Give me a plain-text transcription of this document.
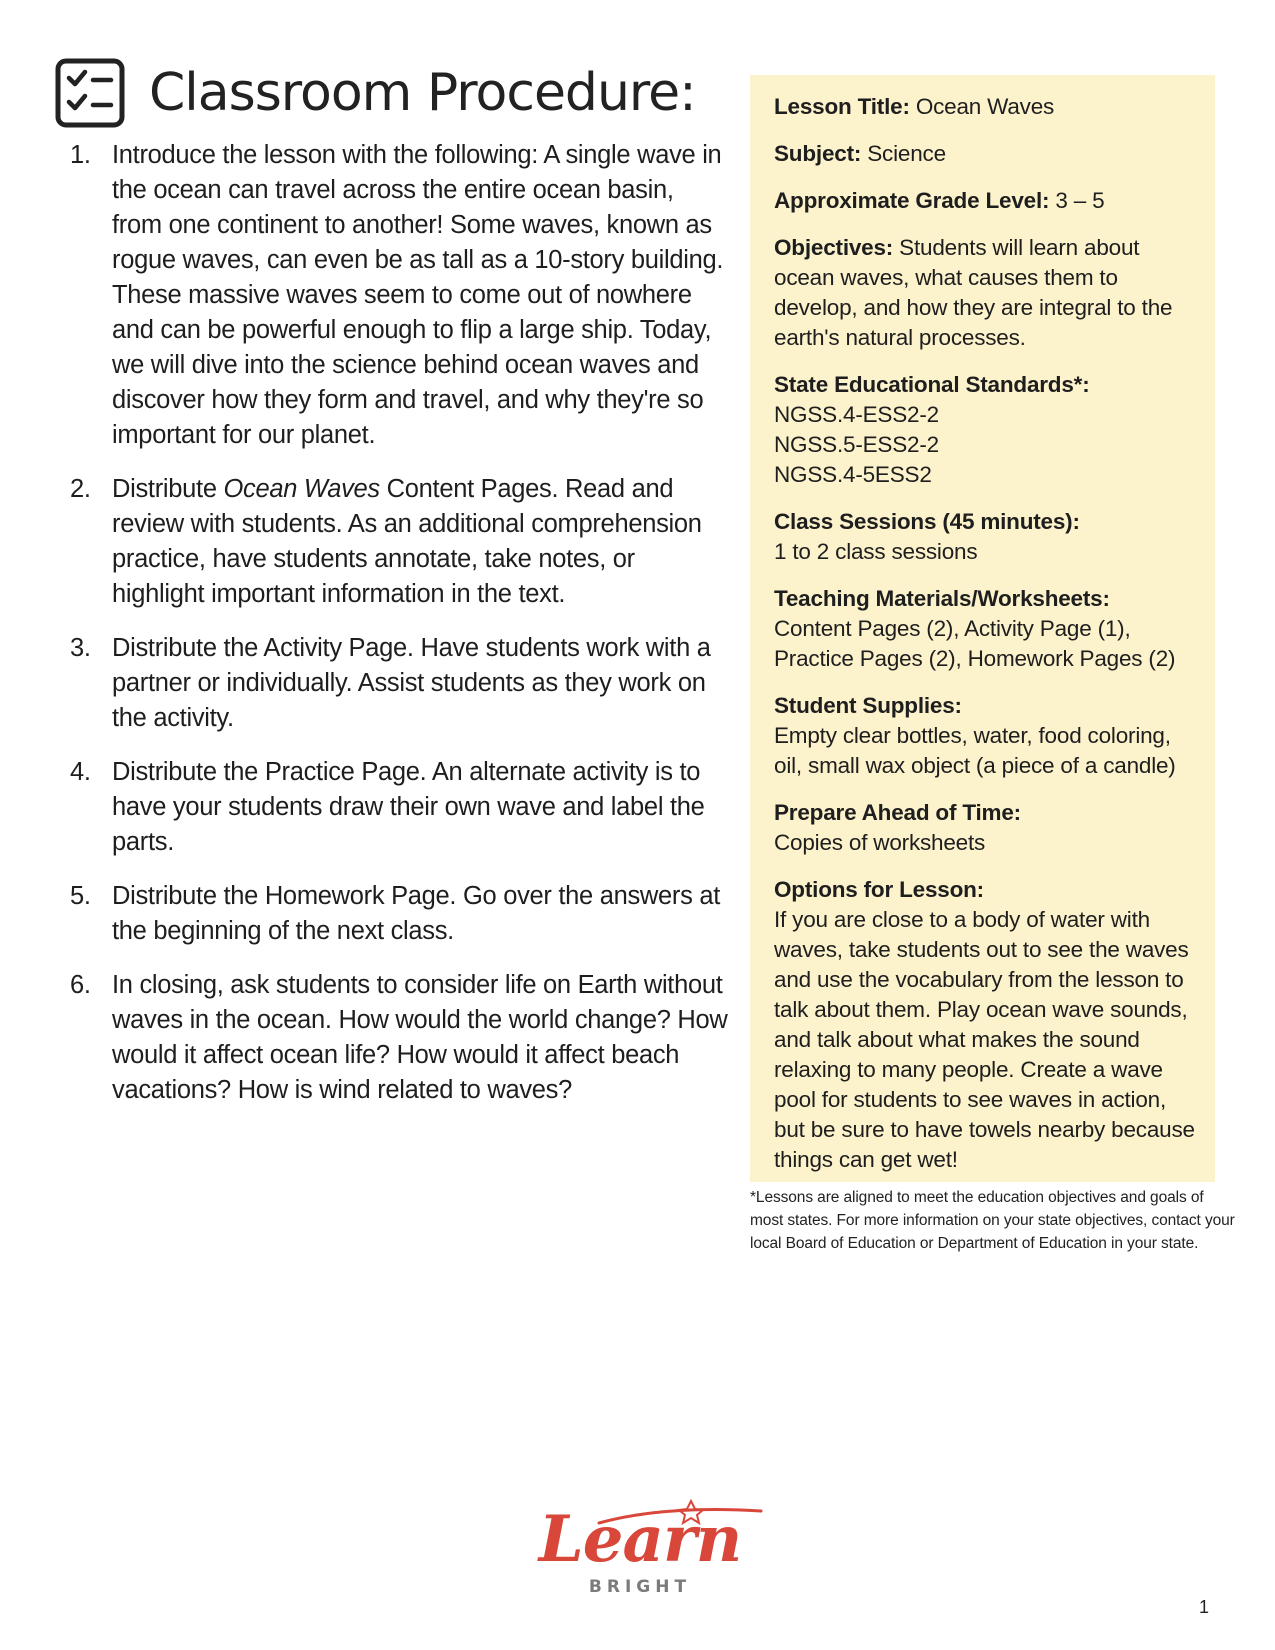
Classroom Procedure:
1. Introduce the lesson with the following: A single wave in the ocean can travel across the entire ocean basin, from one continent to another! Some waves, known as rogue waves, can even be as tall as a 10-story building. These massive waves seem to come out of nowhere and can be powerful enough to flip a large ship. Today, we will dive into the science behind ocean waves and discover how they form and travel, and why they're so important for our planet.
2. Distribute Ocean Waves Content Pages. Read and review with students. As an additional comprehension practice, have students annotate, take notes, or highlight important information in the text.
3. Distribute the Activity Page. Have students work with a partner or individually. Assist students as they work on the activity.
4. Distribute the Practice Page. An alternate activity is to have your students draw their own wave and label the parts.
5. Distribute the Homework Page. Go over the answers at the beginning of the next class.
6. In closing, ask students to consider life on Earth without waves in the ocean. How would the world change? How would it affect ocean life? How would it affect beach vacations? How is wind related to waves?
Lesson Title: Ocean Waves
Subject: Science
Approximate Grade Level: 3 – 5
Objectives: Students will learn about ocean waves, what causes them to develop, and how they are integral to the earth's natural processes.
State Educational Standards*:
NGSS.4-ESS2-2
NGSS.5-ESS2-2
NGSS.4-5ESS2
Class Sessions (45 minutes):
1 to 2 class sessions
Teaching Materials/Worksheets:
Content Pages (2), Activity Page (1), Practice Pages (2), Homework Pages (2)
Student Supplies:
Empty clear bottles, water, food coloring, oil, small wax object (a piece of a candle)
Prepare Ahead of Time:
Copies of worksheets
Options for Lesson:
If you are close to a body of water with waves, take students out to see the waves and use the vocabulary from the lesson to talk about them. Play ocean wave sounds, and talk about what makes the sound relaxing to many people. Create a wave pool for students to see waves in action, but be sure to have towels nearby because things can get wet!
*Lessons are aligned to meet the education objectives and goals of most states. For more information on your state objectives, contact your local Board of Education or Department of Education in your state.
Learn
BRIGHT
1
